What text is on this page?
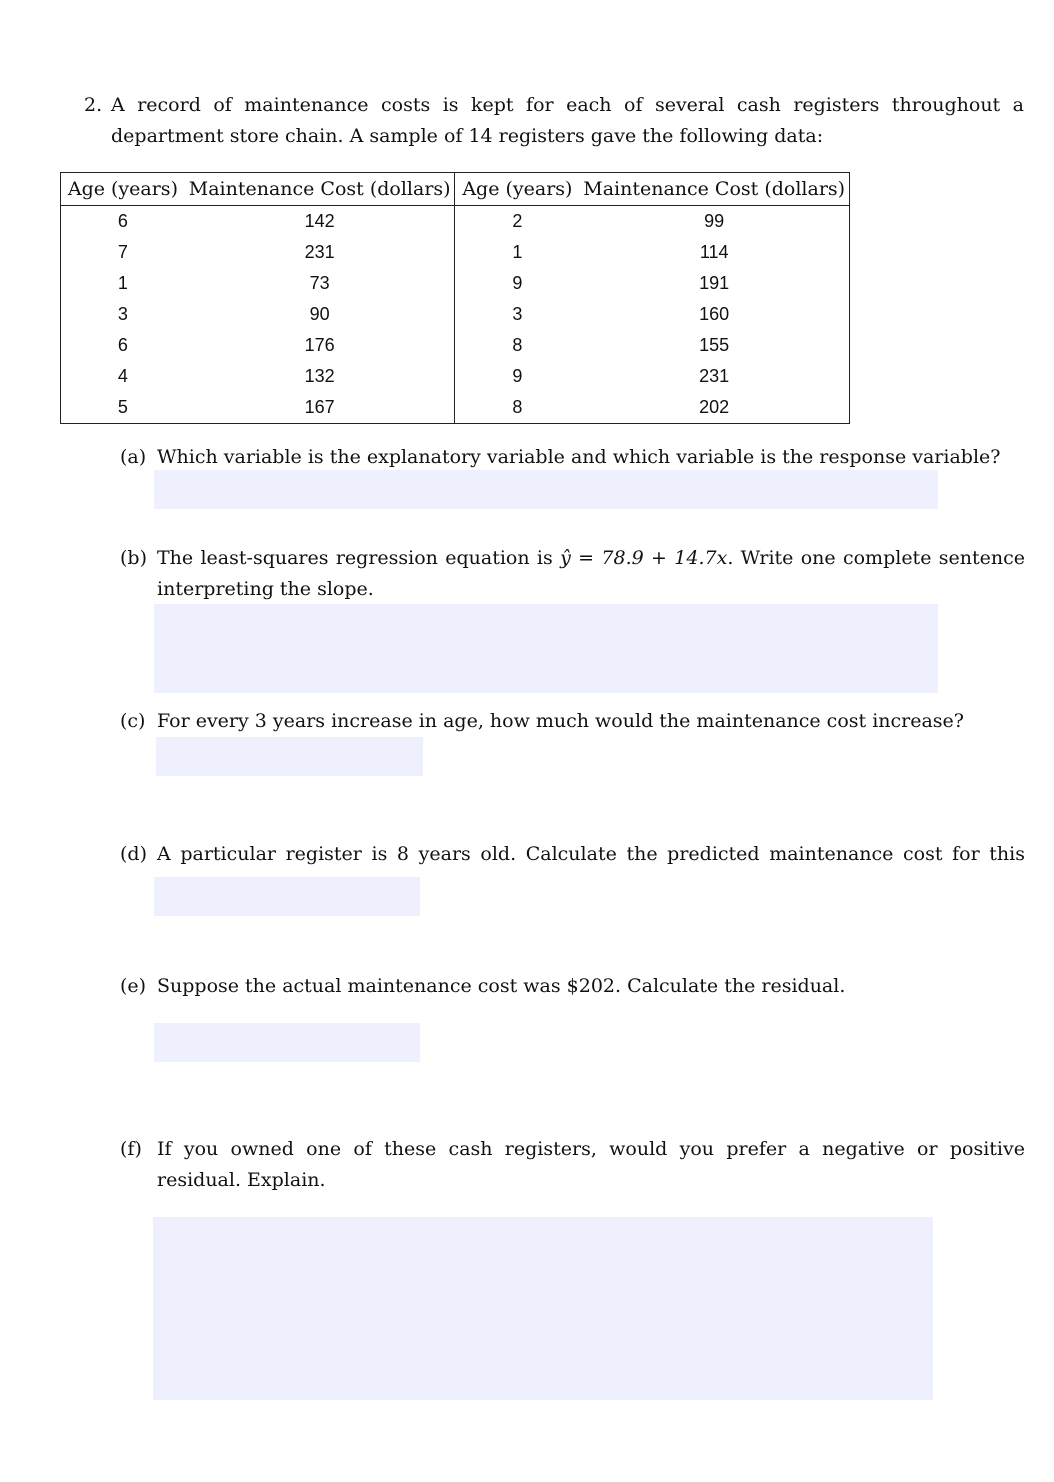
2. A record of maintenance costs is kept for each of several cash registers throughout a department store chain. A sample of 14 registers gave the following data:
Age (years)	Maintenance Cost (dollars)	Age (years)	Maintenance Cost (dollars)
6	142	2	99
7	231	1	114
1	73	9	191
3	90	3	160
6	176	8	155
4	132	9	231
5	167	8	202
(a) Which variable is the explanatory variable and which variable is the response variable?
(b) The least-squares regression equation is ŷ = 78.9 + 14.7x. Write one complete sentence interpreting the slope.
(c) For every 3 years increase in age, how much would the maintenance cost increase?
(d) A particular register is 8 years old. Calculate the predicted maintenance cost for this
(e) Suppose the actual maintenance cost was $202. Calculate the residual.
(f) If you owned one of these cash registers, would you prefer a negative or positive residual. Explain.
